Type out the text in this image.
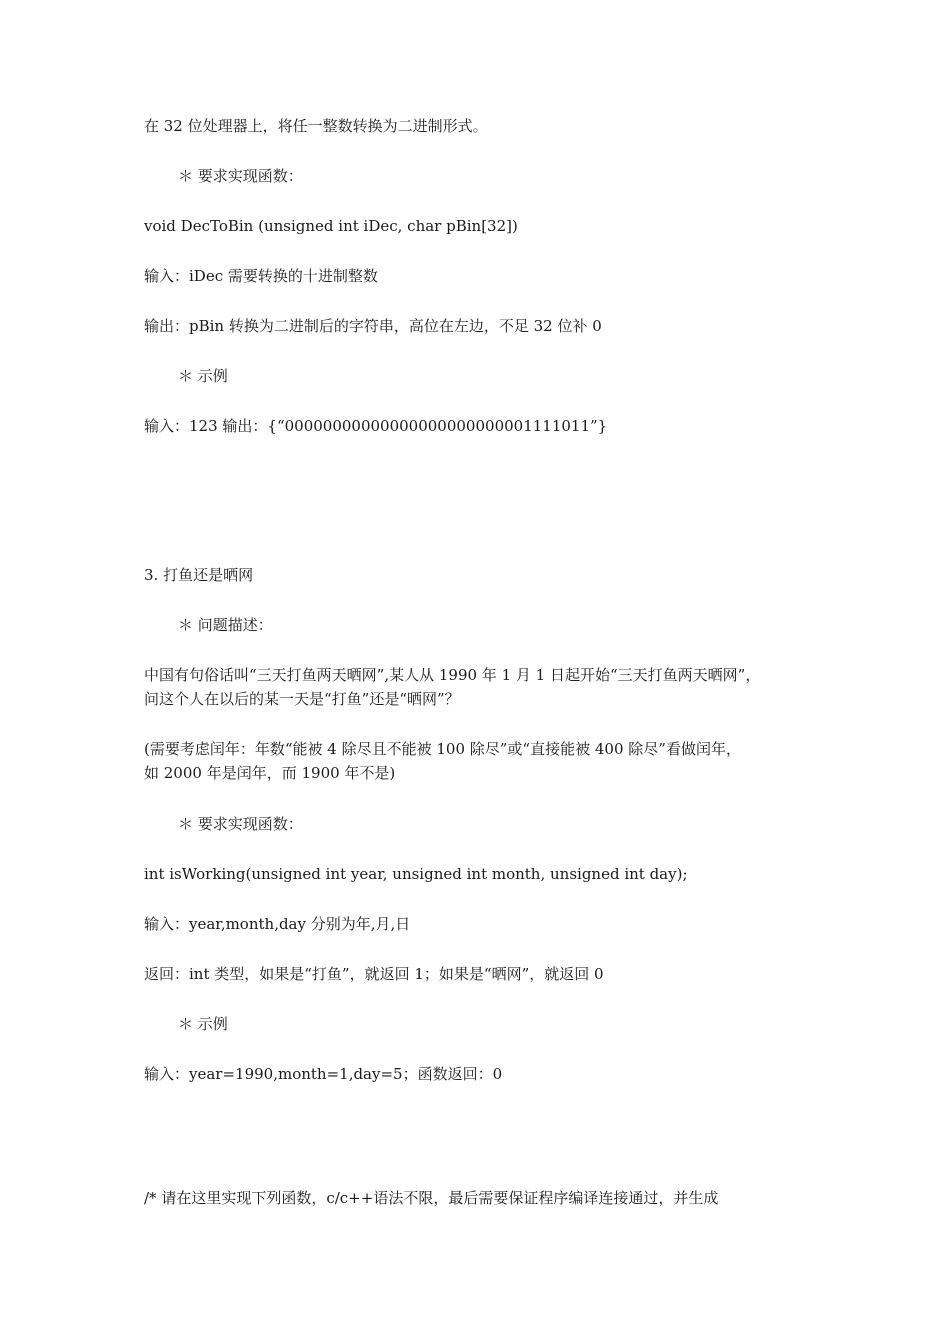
在 32 位处理器上，将任一整数转换为二进制形式。
＊ 要求实现函数：
void DecToBin (unsigned int iDec, char pBin[32])
输入：iDec 需要转换的十进制整数
输出：pBin 转换为二进制后的字符串，高位在左边，不足 32 位补 0
＊ 示例
输入：123 输出：{“00000000000000000000000001111011”}
3. 打鱼还是晒网
＊ 问题描述：
中国有句俗话叫“三天打鱼两天晒网”,某人从 1990 年 1 月 1 日起开始“三天打鱼两天晒网”，
问这个人在以后的某一天是“打鱼”还是“晒网”？
(需要考虑闰年：年数“能被 4 除尽且不能被 100 除尽”或“直接能被 400 除尽”看做闰年，
如 2000 年是闰年，而 1900 年不是)
＊ 要求实现函数：
int isWorking(unsigned int year, unsigned int month, unsigned int day);
输入：year,month,day 分别为年,月,日
返回：int 类型，如果是“打鱼”，就返回 1；如果是“晒网”，就返回 0
＊ 示例
输入：year=1990,month=1,day=5；函数返回：0
/* 请在这里实现下列函数，c/c++语法不限，最后需要保证程序编译连接通过，并生成
